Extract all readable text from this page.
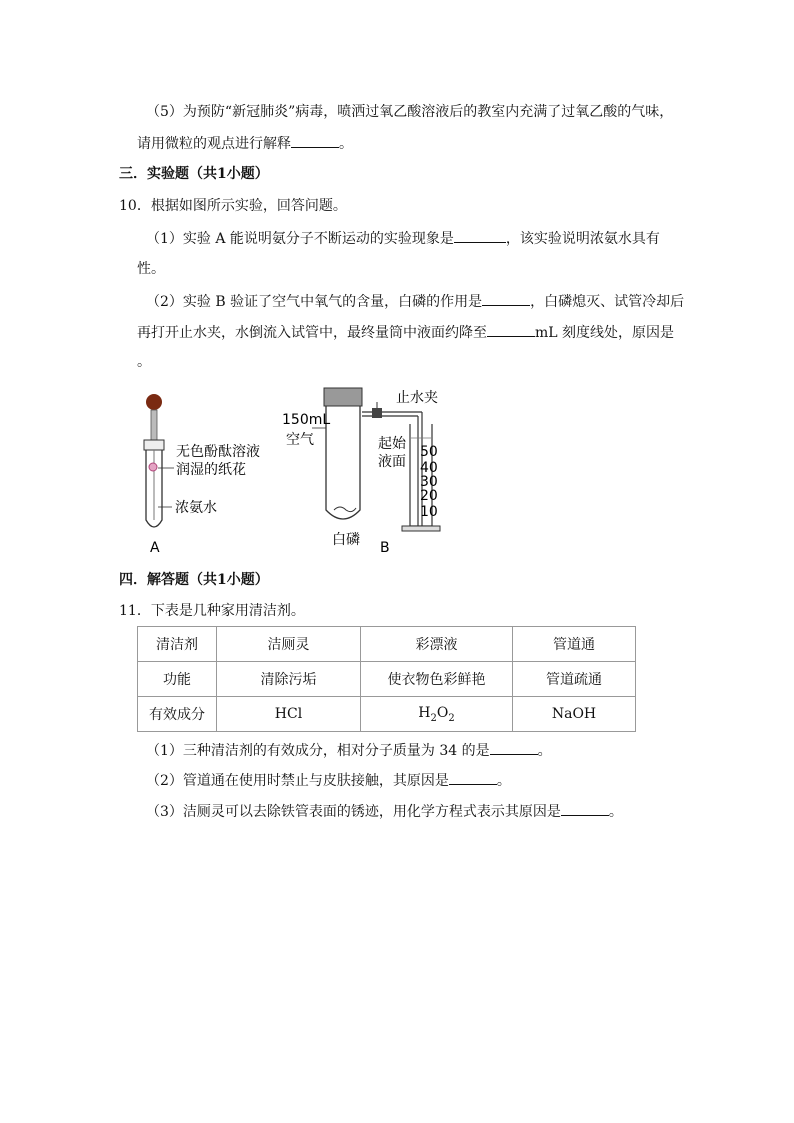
（5）为预防“新冠肺炎”病毒，喷洒过氧乙酸溶液后的教室内充满了过氧乙酸的气味，
请用微粒的观点进行解释	。
三．实验题（共1小题）
10．根据如图所示实验，回答问题。
（1）实验 A 能说明氨分子不断运动的实验现象是	，该实验说明浓氨水具有
性。
（2）实验 B 验证了空气中氧气的含量，白磷的作用是	，白磷熄灭、试管冷却后
再打开止水夹，水倒流入试管中，最终量筒中液面约降至	mL 刻度线处，原因是
。
无色酚酞溶液
润湿的纸花
浓氨水
A
50
40
30
20
10
150mL
空气
止水夹
起始
液面
白磷 B
四．解答题（共1小题）
11．下表是几种家用清洁剂。
清洁剂	洁厕灵	彩漂液	管道通
功能	清除污垢	使衣物色彩鲜艳	管道疏通
有效成分	HCl	$H_2O_2$	NaOH
（1）三种清洁剂的有效成分，相对分子质量为 34 的是	。
（2）管道通在使用时禁止与皮肤接触，其原因是	。
（3）洁厕灵可以去除铁管表面的锈迹，用化学方程式表示其原因是	。
